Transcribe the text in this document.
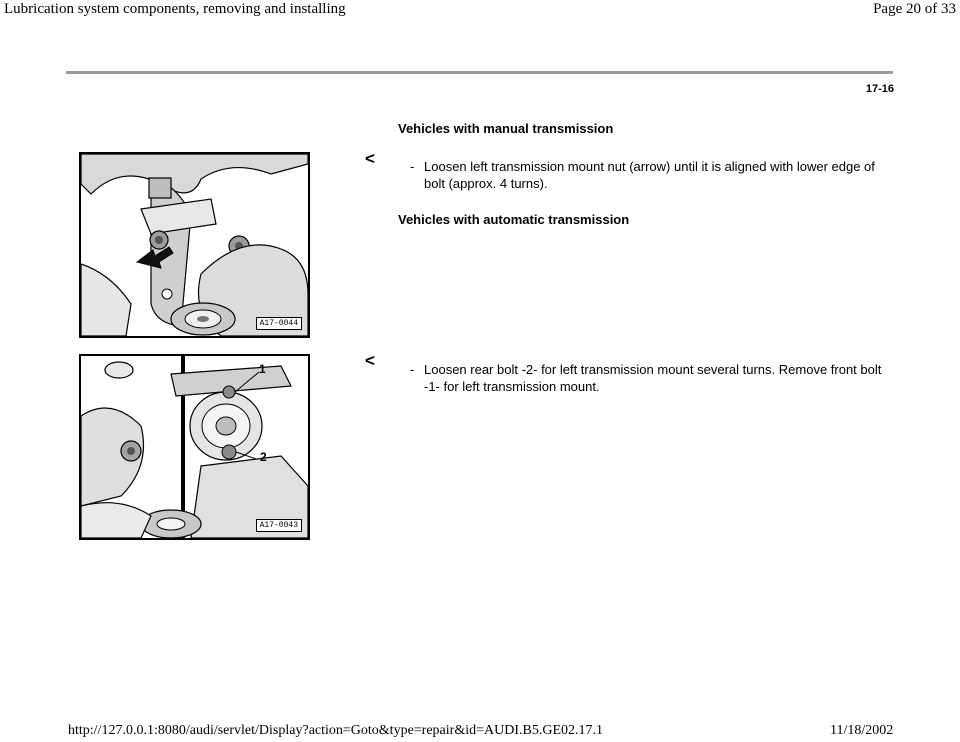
Lubrication system components, removing and installing	Page 20 of 33
17-16
Vehicles with manual transmission
A17-0044
<	- Loosen left transmission mount nut (arrow) until it is aligned with lower edge of bolt (approx. 4 turns).
Vehicles with automatic transmission
1
2
A17-0043
<	- Loosen rear bolt -2- for left transmission mount several turns. Remove front bolt -1- for left transmission mount.
http://127.0.0.1:8080/audi/servlet/Display?action=Goto&type=repair&id=AUDI.B5.GE02.17.1	11/18/2002
